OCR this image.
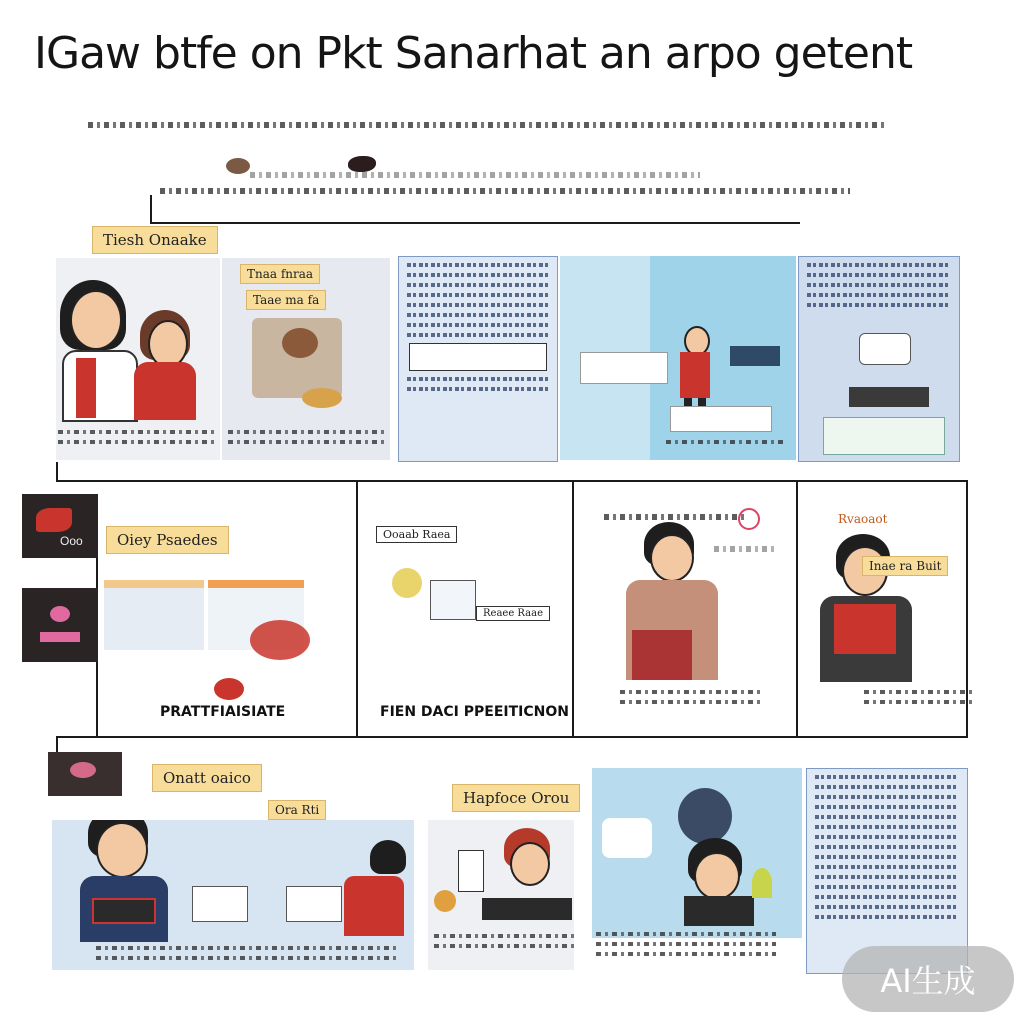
IGaw btfe on Pkt Sanarhat an arpo getent
Tiesh Onaake
Tnaa fnraa
Taae ma fa
Ooo	Oiey Psaedes
PRATTFIAISIATE
Ooaab Raea
Reaee Raae
FIEN DACI PPEEITICNON
Rvaoaot
Inae ra Buit
Onatt oaico
Ora Rti
Hapfoce Orou
AI生成
